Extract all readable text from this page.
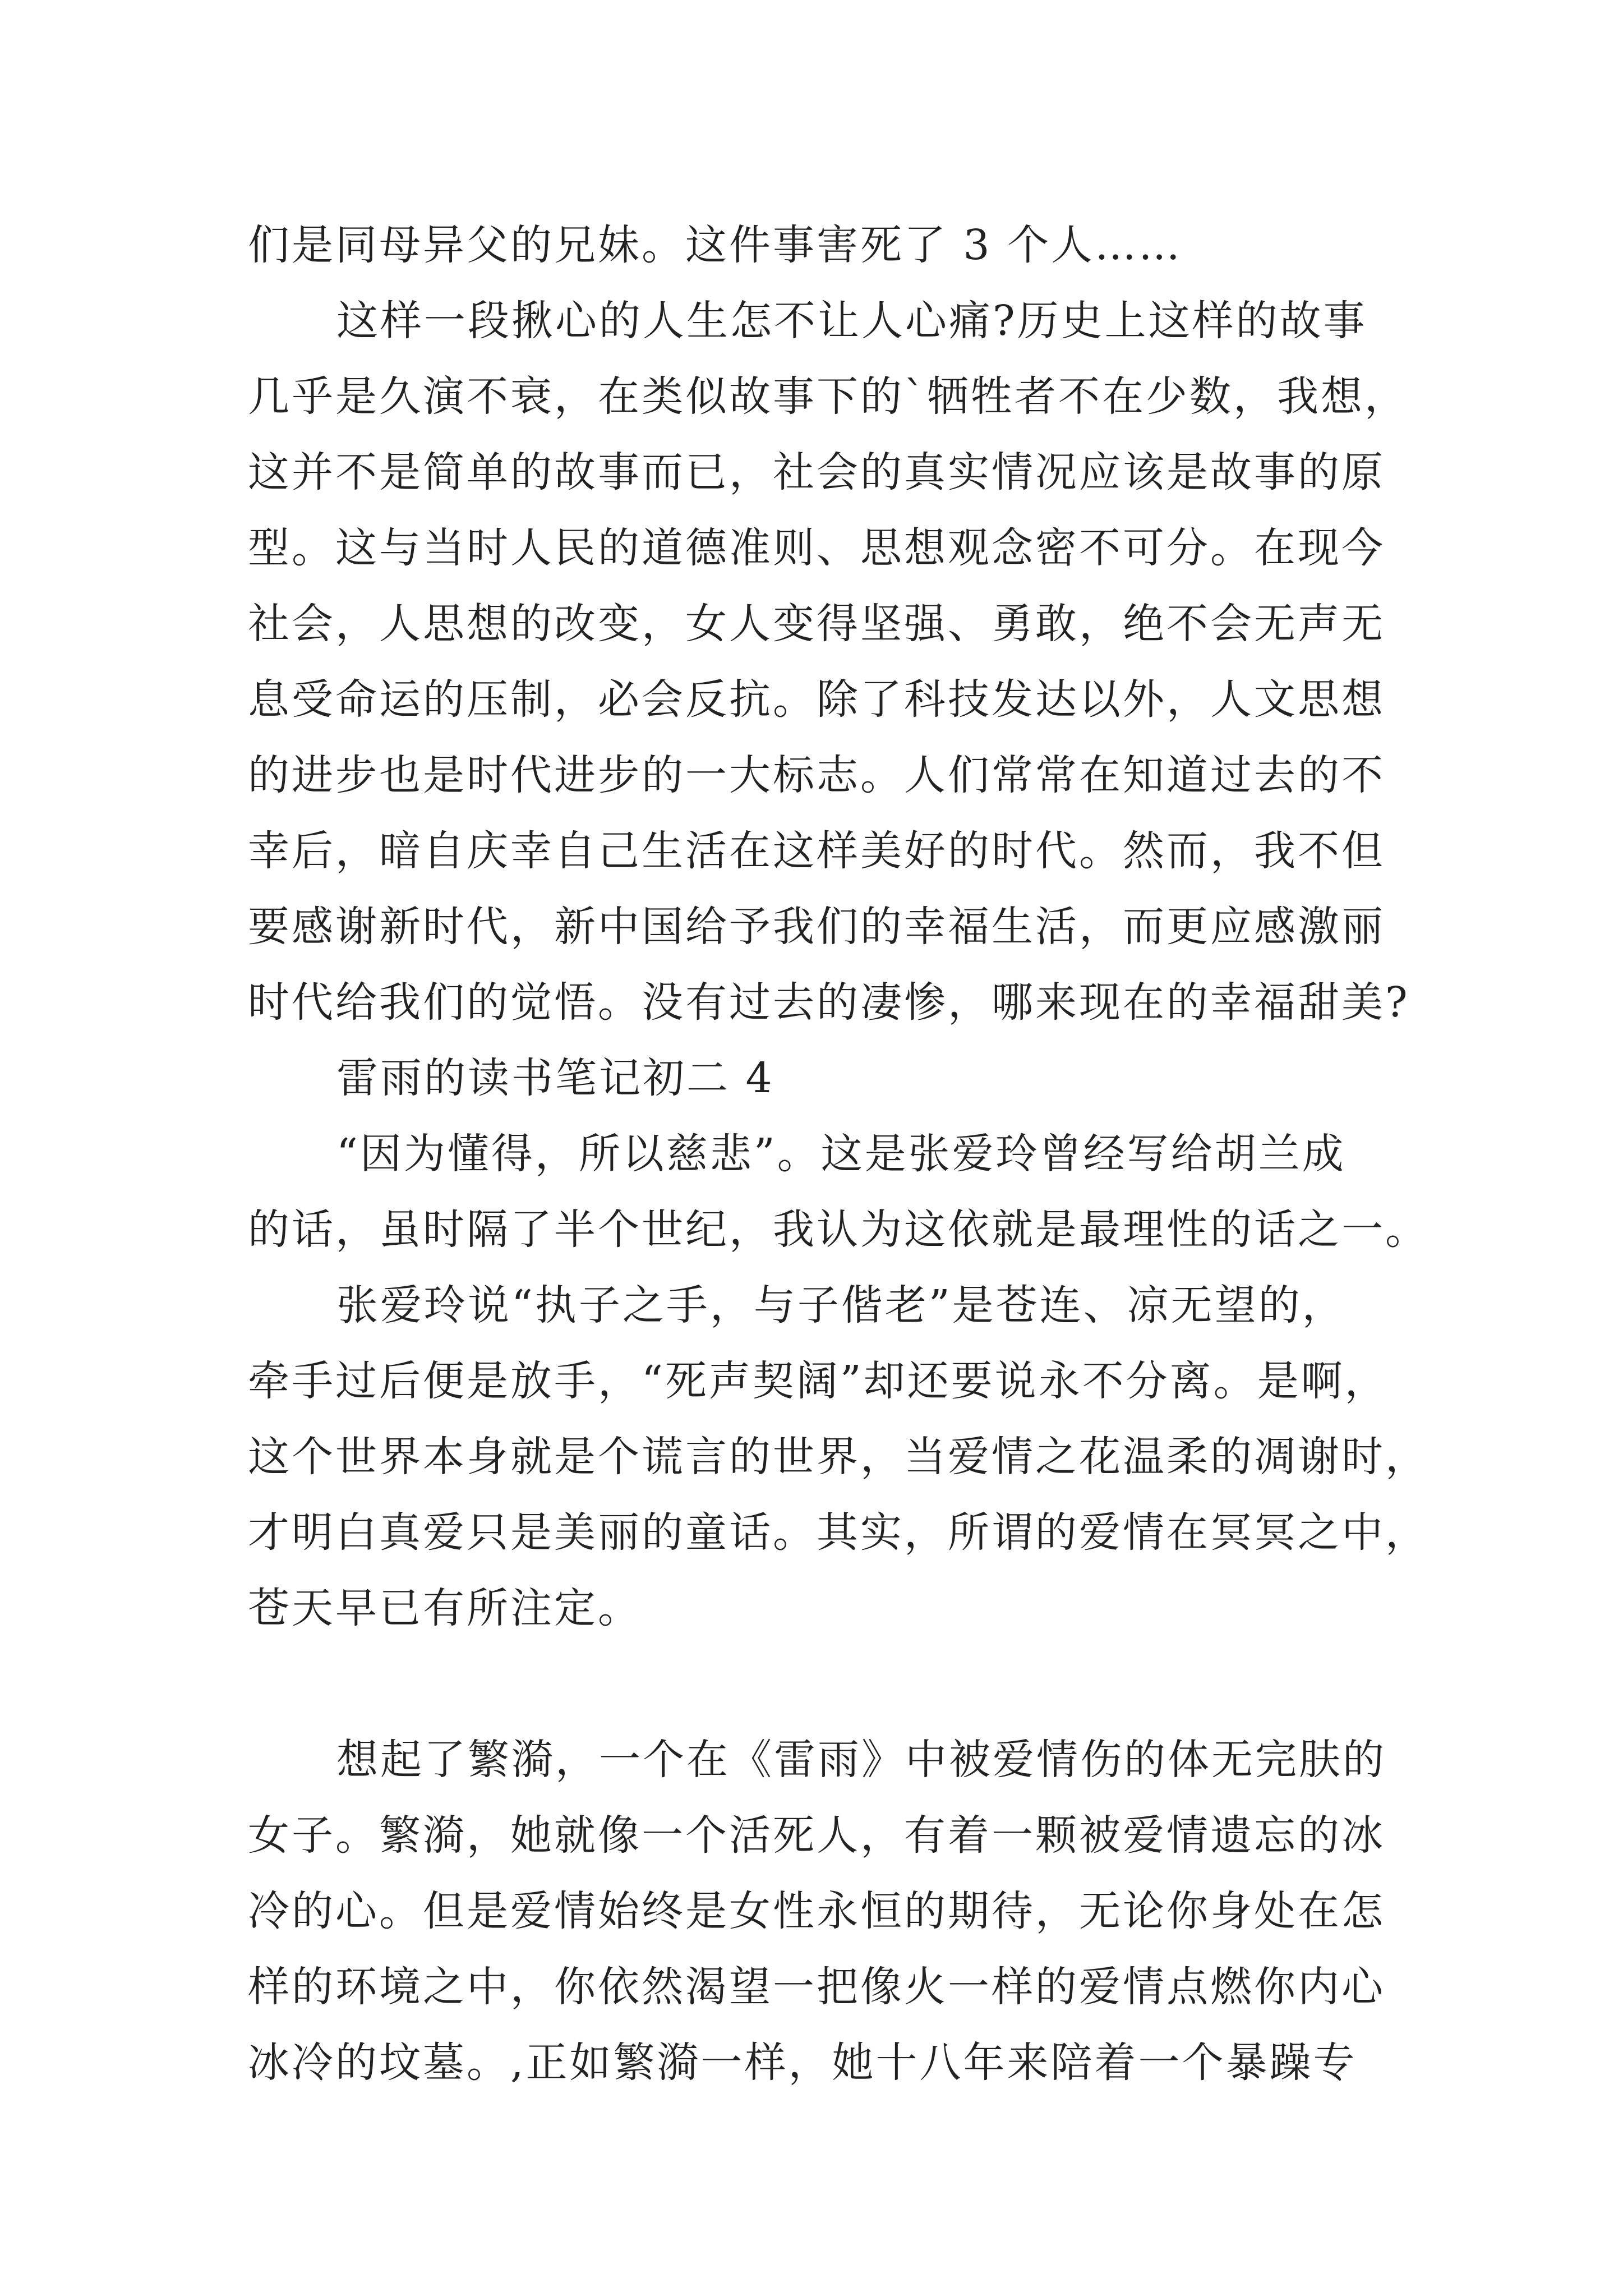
们是同母异父的兄妹。这件事害死了 3 个人……
这样一段揪心的人生怎不让人心痛?历史上这样的故事
几乎是久演不衰，在类似故事下的`牺牲者不在少数，我想，
这并不是简单的故事而已，社会的真实情况应该是故事的原
型。这与当时人民的道德准则、思想观念密不可分。在现今
社会，人思想的改变，女人变得坚强、勇敢，绝不会无声无
息受命运的压制，必会反抗。除了科技发达以外，人文思想
的进步也是时代进步的一大标志。人们常常在知道过去的不
幸后，暗自庆幸自己生活在这样美好的时代。然而，我不但
要感谢新时代，新中国给予我们的幸福生活，而更应感激丽
时代给我们的觉悟。没有过去的凄惨，哪来现在的幸福甜美?
雷雨的读书笔记初二 4
“因为懂得，所以慈悲”。这是张爱玲曾经写给胡兰成
的话，虽时隔了半个世纪，我认为这依就是最理性的话之一。
张爱玲说“执子之手，与子偕老”是苍连、凉无望的，
牵手过后便是放手，“死声契阔”却还要说永不分离。是啊，
这个世界本身就是个谎言的世界，当爱情之花温柔的凋谢时，
才明白真爱只是美丽的童话。其实，所谓的爱情在冥冥之中，
苍天早已有所注定。
想起了繁漪，一个在《雷雨》中被爱情伤的体无完肤的
女子。繁漪，她就像一个活死人，有着一颗被爱情遗忘的冰
冷的心。但是爱情始终是女性永恒的期待，无论你身处在怎
样的环境之中，你依然渴望一把像火一样的爱情点燃你内心
冰冷的坟墓。,正如繁漪一样，她十八年来陪着一个暴躁专
